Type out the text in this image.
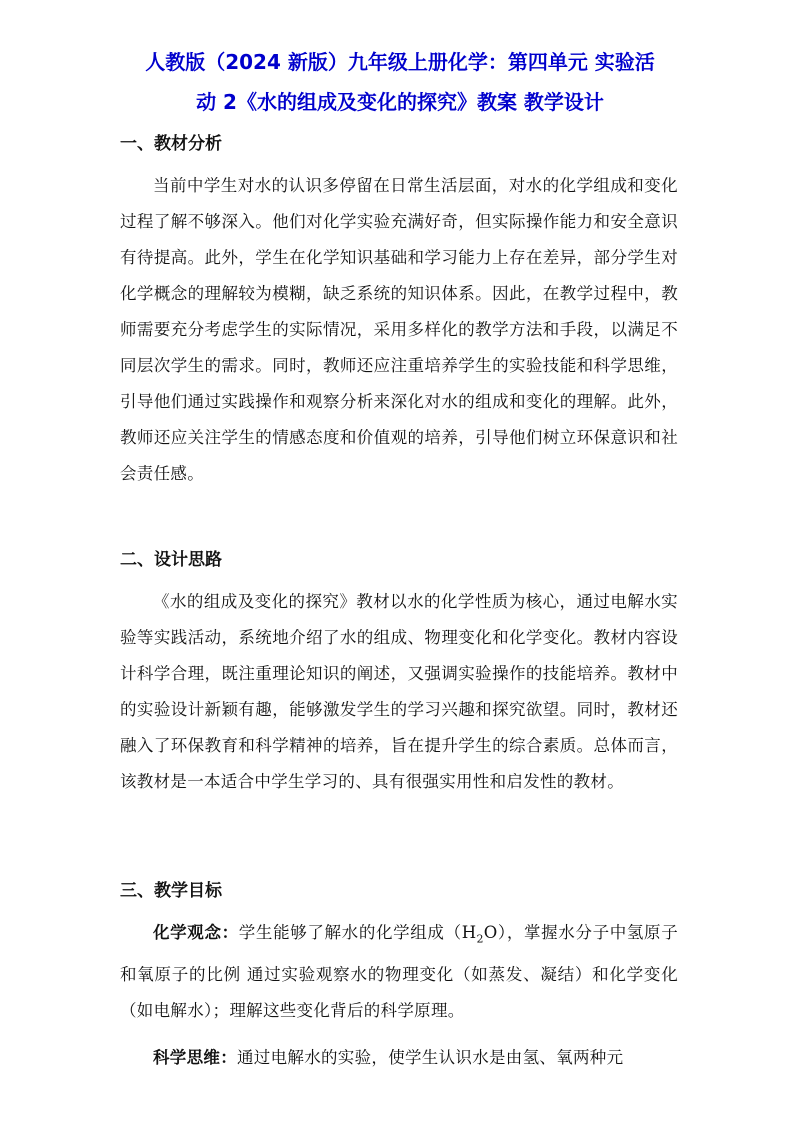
人教版（2024 新版）九年级上册化学：第四单元 实验活
动 2《水的组成及变化的探究》教案 教学设计
一、教材分析

当前中学生对水的认识多停留在日常生活层面，对水的化学组成和变化过程了解不够深入。他们对化学实验充满好奇，但实际操作能力和安全意识有待提高。此外，学生在化学知识基础和学习能力上存在差异，部分学生对化学概念的理解较为模糊，缺乏系统的知识体系。因此，在教学过程中，教师需要充分考虑学生的实际情况，采用多样化的教学方法和手段，以满足不同层次学生的需求。同时，教师还应注重培养学生的实验技能和科学思维，引导他们通过实践操作和观察分析来深化对水的组成和变化的理解。此外，教师还应关注学生的情感态度和价值观的培养，引导他们树立环保意识和社会责任感。

二、设计思路

《水的组成及变化的探究》教材以水的化学性质为核心，通过电解水实验等实践活动，系统地介绍了水的组成、物理变化和化学变化。教材内容设计科学合理，既注重理论知识的阐述，又强调实验操作的技能培养。教材中的实验设计新颖有趣，能够激发学生的学习兴趣和探究欲望。同时，教材还融入了环保教育和科学精神的培养，旨在提升学生的综合素质。总体而言，该教材是一本适合中学生学习的、具有很强实用性和启发性的教材。

三、教学目标

化学观念：学生能够了解水的化学组成$(H_2O)$，掌握水分子中氢原子和氧原子的比例 通过实验观察水的物理变化（如蒸发、凝结）和化学变化（如电解水）；理解这些变化背后的科学原理。

科学思维：通过电解水的实验，使学生认识水是由氢、氧两种元
